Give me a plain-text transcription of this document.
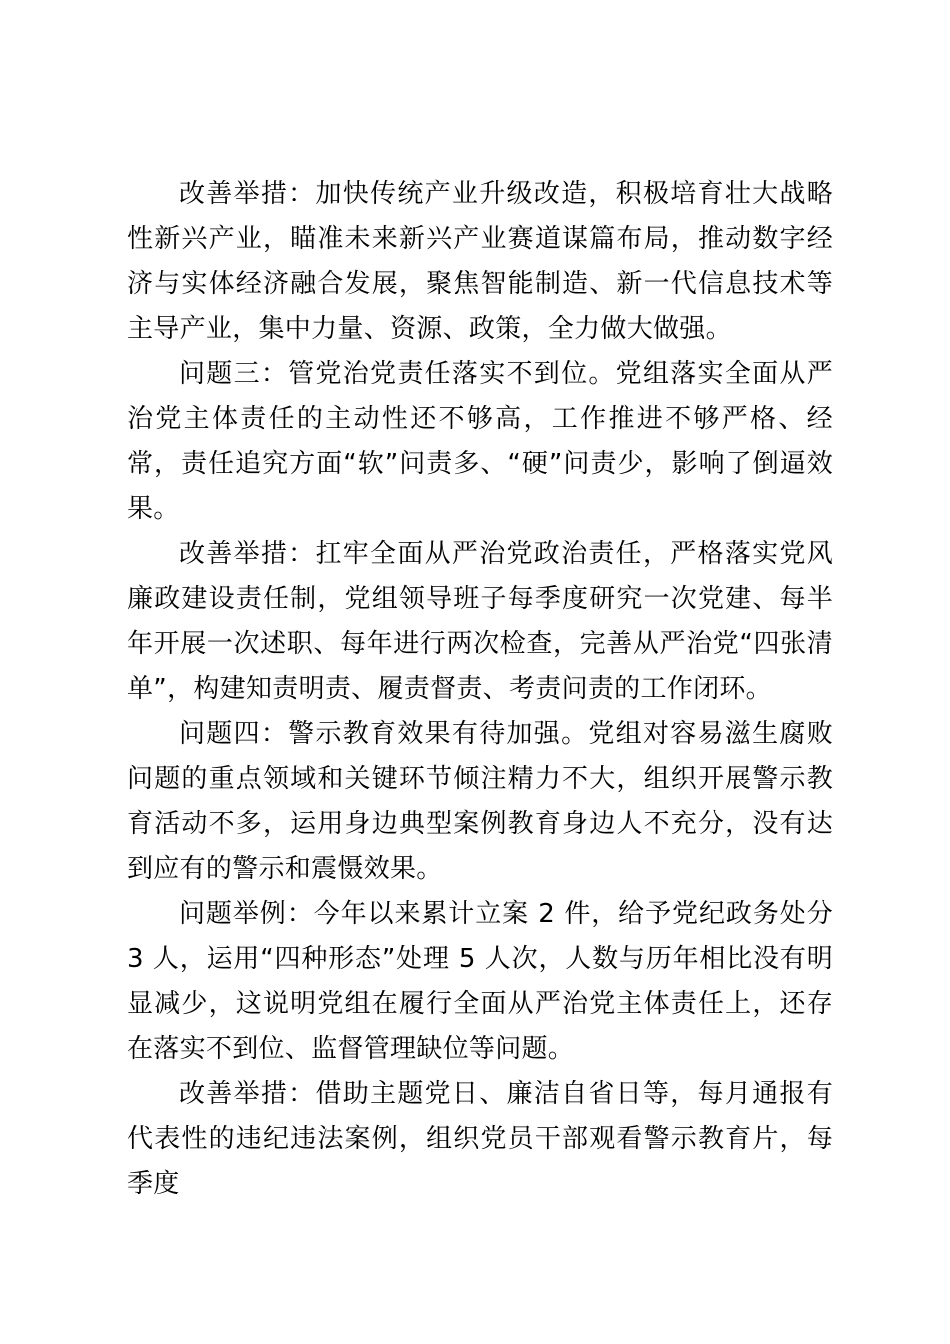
改善举措：加快传统产业升级改造，积极培育壮大战略性新兴产业，瞄准未来新兴产业赛道谋篇布局，推动数字经济与实体经济融合发展，聚焦智能制造、新一代信息技术等主导产业，集中力量、资源、政策，全力做大做强。

问题三：管党治党责任落实不到位。党组落实全面从严治党主体责任的主动性还不够高，工作推进不够严格、经常，责任追究方面“软”问责多、“硬”问责少，影响了倒逼效果。

改善举措：扛牢全面从严治党政治责任，严格落实党风廉政建设责任制，党组领导班子每季度研究一次党建、每半年开展一次述职、每年进行两次检查，完善从严治党“四张清单”，构建知责明责、履责督责、考责问责的工作闭环。

问题四：警示教育效果有待加强。党组对容易滋生腐败问题的重点领域和关键环节倾注精力不大，组织开展警示教育活动不多，运用身边典型案例教育身边人不充分，没有达到应有的警示和震慑效果。

问题举例：今年以来累计立案 2 件，给予党纪政务处分 3 人，运用“四种形态”处理 5 人次，人数与历年相比没有明显减少，这说明党组在履行全面从严治党主体责任上，还存在落实不到位、监督管理缺位等问题。

改善举措：借助主题党日、廉洁自省日等，每月通报有代表性的违纪违法案例，组织党员干部观看警示教育片，每季度
